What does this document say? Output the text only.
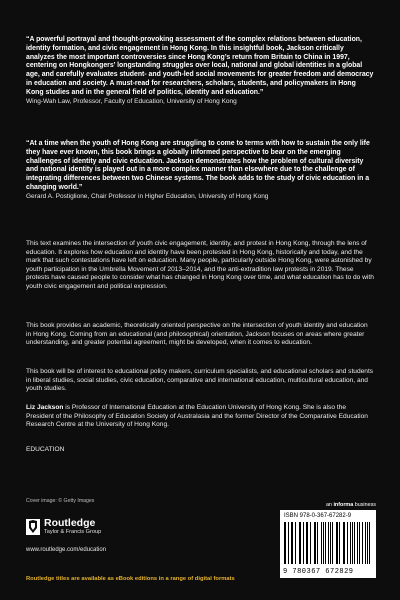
“A powerful portrayal and thought-provoking assessment of the complex relations between education, identity formation, and civic engagement in Hong Kong. In this insightful book, Jackson critically analyzes the most important controversies since Hong Kong’s return from Britain to China in 1997, centering on Hongkongers’ longstanding struggles over local, national and global identities in a global age, and carefully evaluates student- and youth-led social movements for greater freedom and democracy in education and society. A must-read for researchers, scholars, students, and policymakers in Hong Kong studies and in the general field of politics, identity and education.”

Wing-Wah Law, Professor, Faculty of Education, University of Hong Kong

“At a time when the youth of Hong Kong are struggling to come to terms with how to sustain the only life they have ever known, this book brings a globally informed perspective to bear on the emerging challenges of identity and civic education. Jackson demonstrates how the problem of cultural diversity and national identity is played out in a more complex manner than elsewhere due to the challenge of integrating differences between two Chinese systems. The book adds to the study of civic education in a changing world.”

Gerard A. Postiglione, Chair Professor in Higher Education, University of Hong Kong

This text examines the intersection of youth civic engagement, identity, and protest in Hong Kong, through the lens of education. It explores how education and identity have been protested in Hong Kong, historically and today, and the mark that such contestations have left on education. Many people, particularly outside Hong Kong, were astonished by youth participation in the Umbrella Movement of 2013–2014, and the anti-extradition law protests in 2019. These protests have caused people to consider what has changed in Hong Kong over time, and what education has to do with youth civic engagement and political expression.

This book provides an academic, theoretically oriented perspective on the intersection of youth identity and education in Hong Kong. Coming from an educational (and philosophical) orientation, Jackson focuses on areas where greater understanding, and greater potential agreement, might be developed, when it comes to education.

This book will be of interest to educational policy makers, curriculum specialists, and educational scholars and students in liberal studies, social studies, civic education, comparative and international education, multicultural education, and youth studies.

Liz Jackson is Professor of International Education at the Education University of Hong Kong. She is also the President of the Philosophy of Education Society of Australasia and the former Director of the Comparative Education Research Centre at the University of Hong Kong.

EDUCATION
Cover image: © Getty Images
Routledge
Taylor & Francis Group
www.routledge.com/education
an informa business
ISBN 978-0-367-67282-9
9 780367 672829
Routledge titles are available as eBook editions in a range of digital formats
